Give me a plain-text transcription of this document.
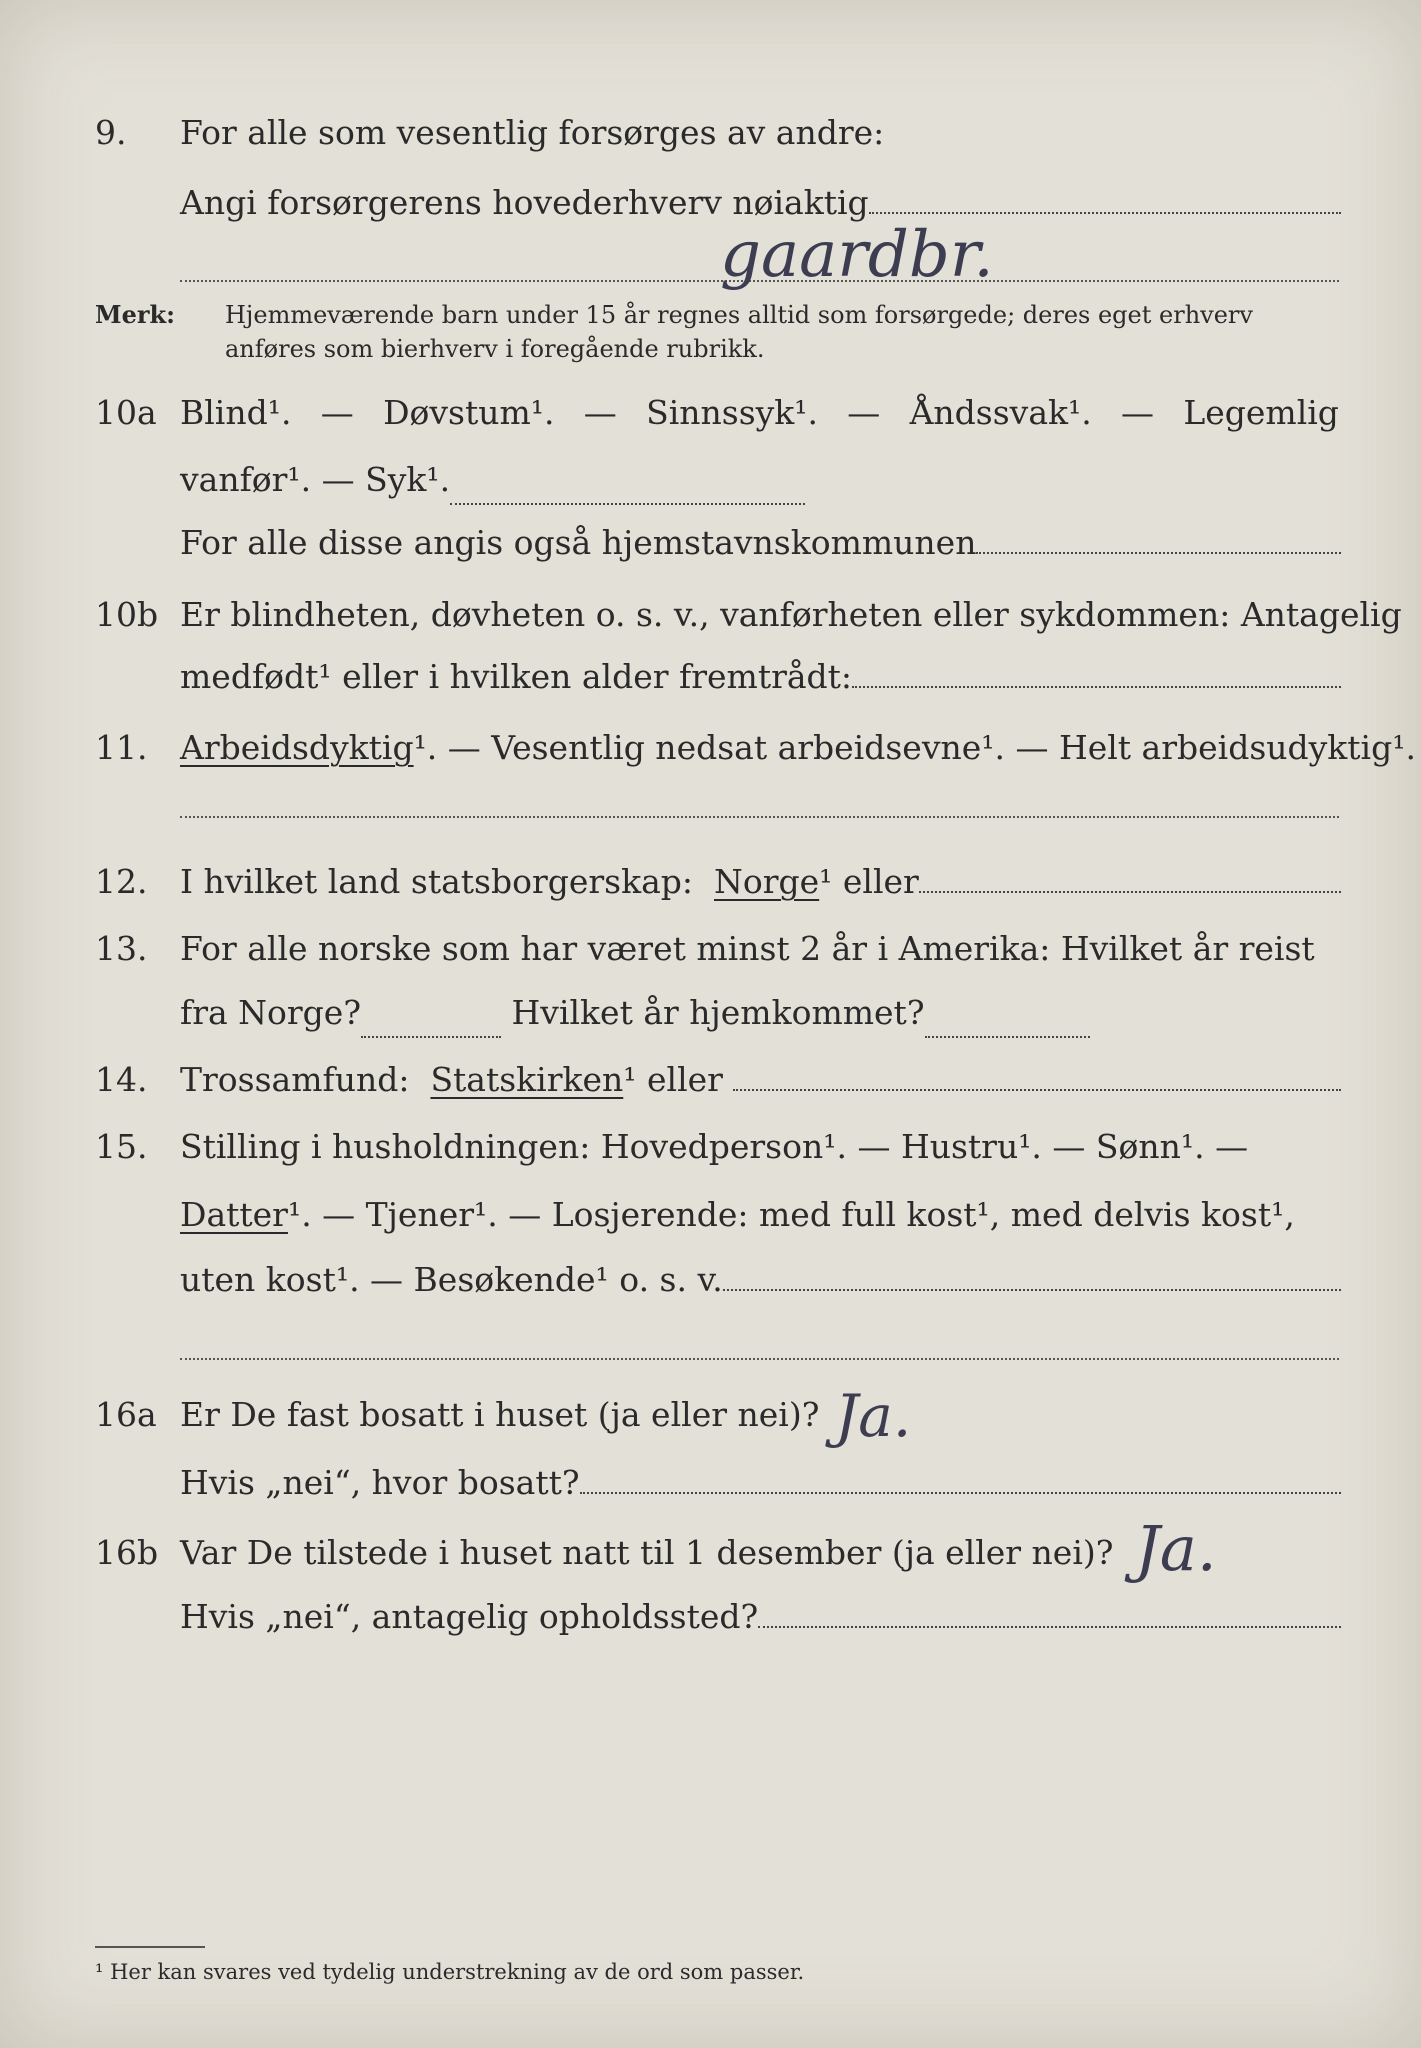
9. For alle som vesentlig forsørges av andre:
Angi forsørgerens hovederhverv nøiaktig
gaardbr.
Merk: Hjemmeværende barn under 15 år regnes alltid som forsørgede; deres eget erhverv
anføres som bierhverv i foregående rubrikk.
10a Blind¹. — Døvstum¹. — Sinnssyk¹. — Åndssvak¹. — Legemlig
vanfør¹. — Syk¹.
For alle disse angis også hjemstavnskommunen
10b Er blindheten, døvheten o. s. v., vanførheten eller sykdommen: Antagelig
medfødt¹ eller i hvilken alder fremtrådt:
11. Arbeidsdyktig¹. — Vesentlig nedsat arbeidsevne¹. — Helt arbeidsudyktig¹.
12. I hvilket land statsborgerskap:
Norge ¹ eller
13. For alle norske som har været minst 2 år i Amerika: Hvilket år reist
fra Norge?	Hvilket år hjemkommet?
14. Trossamfund:
Statskirken ¹ eller

15. Stilling i husholdningen: Hovedperson¹. — Hustru¹. — Sønn¹. —
Datter¹. — Tjener¹. — Losjerende: med full kost¹, med delvis kost¹,
uten kost¹. — Besøkende¹ o. s. v.
16a Er De fast bosatt i huset (ja eller nei)? Ja.
Hvis „nei“, hvor bosatt?
16b Var De tilstede i huset natt til 1 desember (ja eller nei)? Ja.
Hvis „nei“, antagelig opholdssted?
¹ Her kan svares ved tydelig understrekning av de ord som passer.
